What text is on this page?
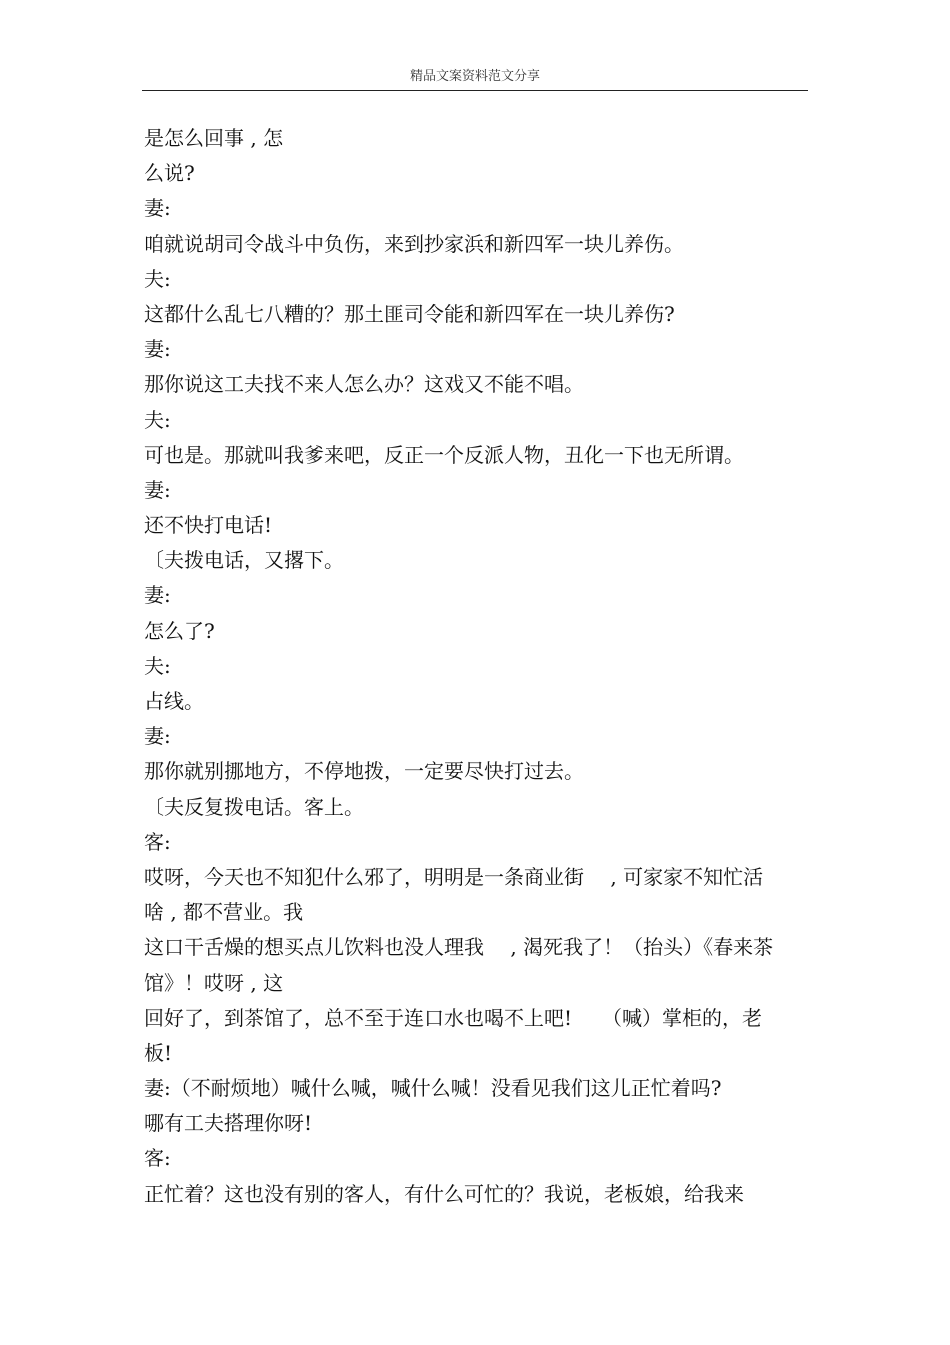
精品文案资料范文分享
是怎么回事 , 怎
么说?
妻:
咱就说胡司令战斗中负伤，来到抄家浜和新四军一块儿养伤。
夫:
这都什么乱七八糟的？那土匪司令能和新四军在一块儿养伤?
妻:
那你说这工夫找不来人怎么办？这戏又不能不唱。
夫:
可也是。那就叫我爹来吧，反正一个反派人物，丑化一下也无所谓。
妻:
还不快打电话!
〔夫拨电话，又撂下。
妻:
怎么了?
夫:
占线。
妻:
那你就别挪地方，不停地拨，一定要尽快打过去。
〔夫反复拨电话。客上。
客:
哎呀，今天也不知犯什么邪了，明明是一条商业街　 , 可家家不知忙活
啥 , 都不营业。我
这口干舌燥的想买点儿饮料也没人理我　 , 渴死我了！（抬头）《春来茶
馆》！哎呀 , 这
回好了，到茶馆了，总不至于连口水也喝不上吧!　　（喊）掌柜的，老
板!
妻:（不耐烦地）喊什么喊，喊什么喊！没看见我们这儿正忙着吗?
哪有工夫搭理你呀!
客:
正忙着？这也没有别的客人，有什么可忙的？我说，老板娘，给我来
